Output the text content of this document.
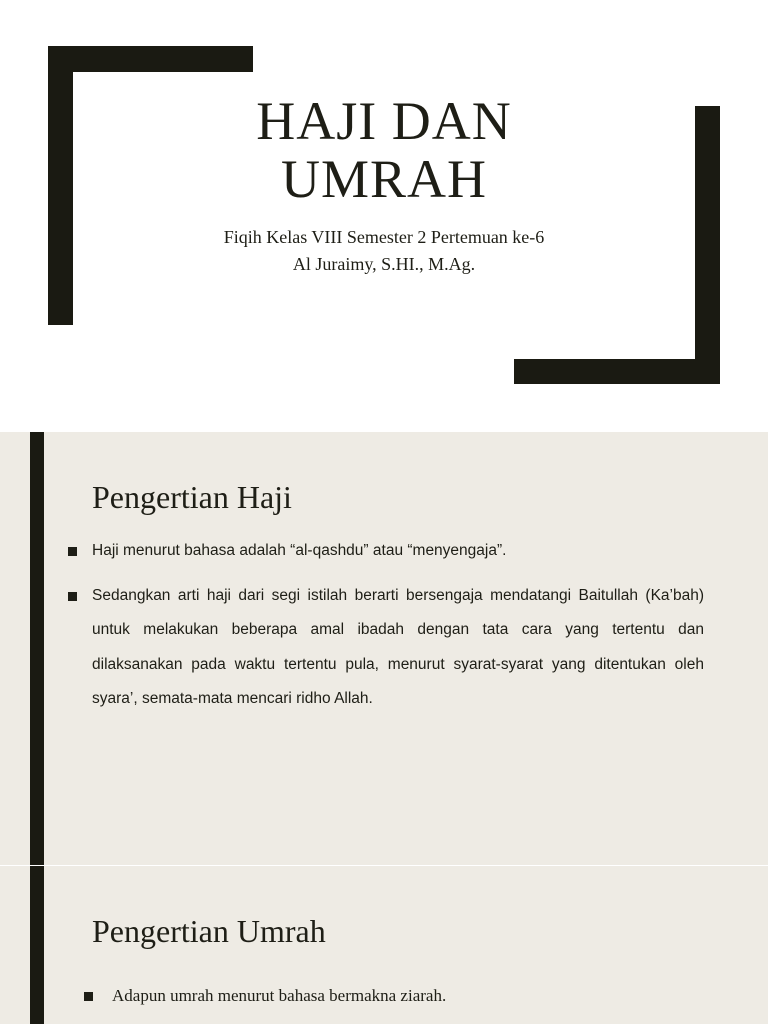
HAJI DAN
UMRAH
Fiqih Kelas VIII Semester 2 Pertemuan ke-6
Al Juraimy, S.HI., M.Ag.
Pengertian Haji
Haji menurut bahasa adalah “al-qashdu” atau “menyengaja”.
Sedangkan arti haji dari segi istilah berarti bersengaja mendatangi Baitullah (Ka’bah) untuk melakukan beberapa amal ibadah dengan tata cara yang tertentu dan dilaksanakan pada waktu tertentu pula, menurut syarat-syarat yang ditentukan oleh syara’, semata-mata mencari ridho Allah.
Pengertian Umrah
Adapun umrah menurut bahasa bermakna ziarah.
